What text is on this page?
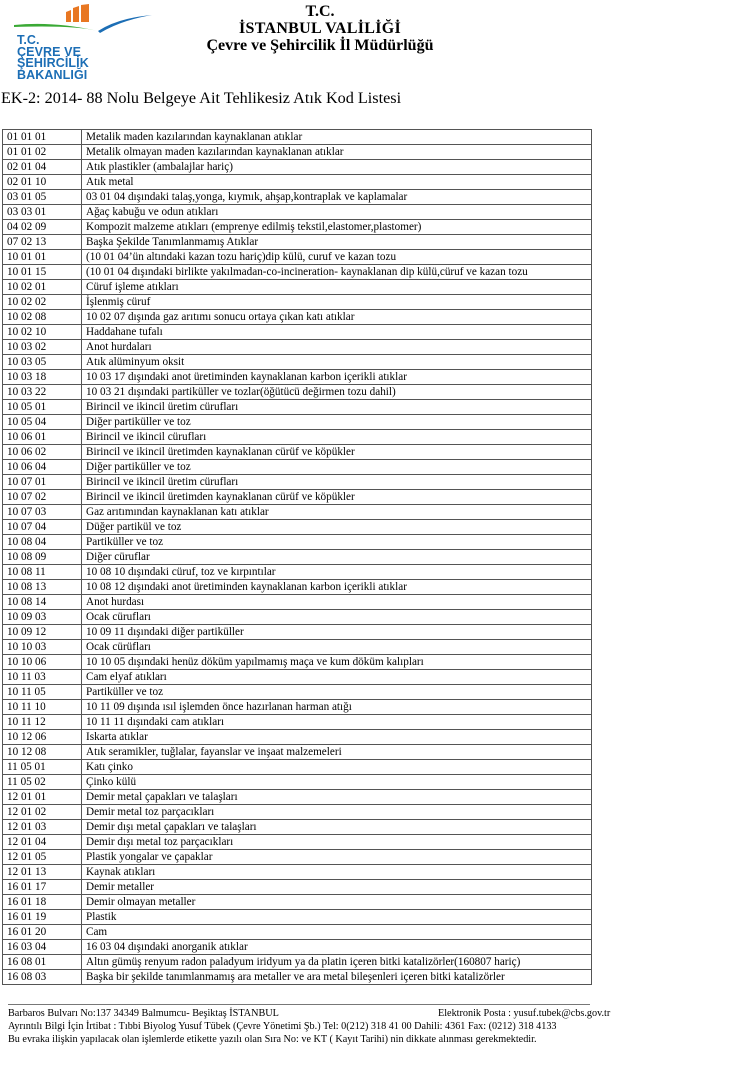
T.C.
ÇEVRE VE ŞEHİRCİLİK
BAKANLIĞI
T.C.
İSTANBUL VALİLİĞİ
Çevre ve Şehircilik İl Müdürlüğü
EK-2: 2014- 88 Nolu Belgeye Ait Tehlikesiz Atık Kod Listesi
01 01 01	Metalik maden kazılarından kaynaklanan atıklar
01 01 02	Metalik olmayan maden kazılarından kaynaklanan atıklar
02 01 04	Atık plastikler (ambalajlar hariç)
02 01 10	Atık metal
03 01 05	03 01 04 dışındaki talaş,yonga, kıymık, ahşap,kontraplak ve kaplamalar
03 03 01	Ağaç kabuğu ve odun atıkları
04 02 09	Kompozit malzeme atıkları (emprenye edilmiş tekstil,elastomer,plastomer)
07 02 13	Başka Şekilde Tanımlanmamış Atıklar
10 01 01	(10 01 04’ün altındaki kazan tozu hariç)dip külü, curuf ve kazan tozu
10 01 15	(10 01 04 dışındaki birlikte yakılmadan-co-incineration- kaynaklanan dip külü,cüruf ve kazan tozu
10 02 01	Cüruf işleme atıkları
10 02 02	İşlenmiş cüruf
10 02 08	10 02 07 dışında gaz arıtımı sonucu ortaya çıkan katı atıklar
10 02 10	Haddahane tufalı
10 03 02	Anot hurdaları
10 03 05	Atık alüminyum oksit
10 03 18	10 03 17 dışındaki anot üretiminden kaynaklanan karbon içerikli atıklar
10 03 22	10 03 21 dışındaki partiküller ve tozlar(öğütücü değirmen tozu dahil)
10 05 01	Birincil ve ikincil üretim cürufları
10 05 04	Diğer partiküller ve toz
10 06 01	Birincil ve ikincil cürufları
10 06 02	Birincil ve ikincil üretimden kaynaklanan cürüf ve köpükler
10 06 04	Diğer partiküller ve toz
10 07 01	Birincil ve ikincil üretim cürufları
10 07 02	Birincil ve ikincil üretimden kaynaklanan cürüf ve köpükler
10 07 03	Gaz arıtımından kaynaklanan katı atıklar
10 07 04	Düğer partikül ve toz
10 08 04	Partiküller ve toz
10 08 09	Diğer cüruflar
10 08 11	10 08 10 dışındaki cüruf, toz ve kırpıntılar
10 08 13	10 08 12 dışındaki anot üretiminden kaynaklanan karbon içerikli atıklar
10 08 14	Anot hurdası
10 09 03	Ocak cürufları
10 09 12	10 09 11 dışındaki diğer partiküller
10 10 03	Ocak cürüfları
10 10 06	10 10 05 dışındaki henüz döküm yapılmamış maça ve kum döküm kalıpları
10 11 03	Cam elyaf atıkları
10 11 05	Partiküller ve toz
10 11 10	10 11 09 dışında ısıl işlemden önce hazırlanan harman atığı
10 11 12	10 11 11 dışındaki cam atıkları
10 12 06	Iskarta atıklar
10 12 08	Atık seramikler, tuğlalar, fayanslar ve inşaat malzemeleri
11 05 01	Katı çinko
11 05 02	Çinko külü
12 01 01	Demir metal çapakları ve talaşları
12 01 02	Demir metal toz parçacıkları
12 01 03	Demir dışı metal çapakları ve talaşları
12 01 04	Demir dışı metal toz parçacıkları
12 01 05	Plastik yongalar ve çapaklar
12 01 13	Kaynak atıkları
16 01 17	Demir metaller
16 01 18	Demir olmayan metaller
16 01 19	Plastik
16 01 20	Cam
16 03 04	16 03 04 dışındaki anorganik atıklar
16 08 01	Altın gümüş renyum radon paladyum iridyum ya da platin içeren bitki katalizörler(160807 hariç)
16 08 03	Başka bir şekilde tanımlanmamış ara metaller ve ara metal bileşenleri içeren bitki katalizörler
Barbaros Bulvarı No:137 34349 Balmumcu- Beşiktaş İSTANBUL	Elektronik Posta : yusuf.tubek@cbs.gov.tr
Ayrıntılı Bilgi İçin İrtibat : Tıbbi Biyolog Yusuf Tübek (Çevre Yönetimi Şb.) Tel: 0(212) 318 41 00 Dahili: 4361 Fax: (0212) 318 4133
Bu evraka ilişkin yapılacak olan işlemlerde etikette yazılı olan Sıra No: ve KT ( Kayıt Tarihi) nin dikkate alınması gerekmektedir.
